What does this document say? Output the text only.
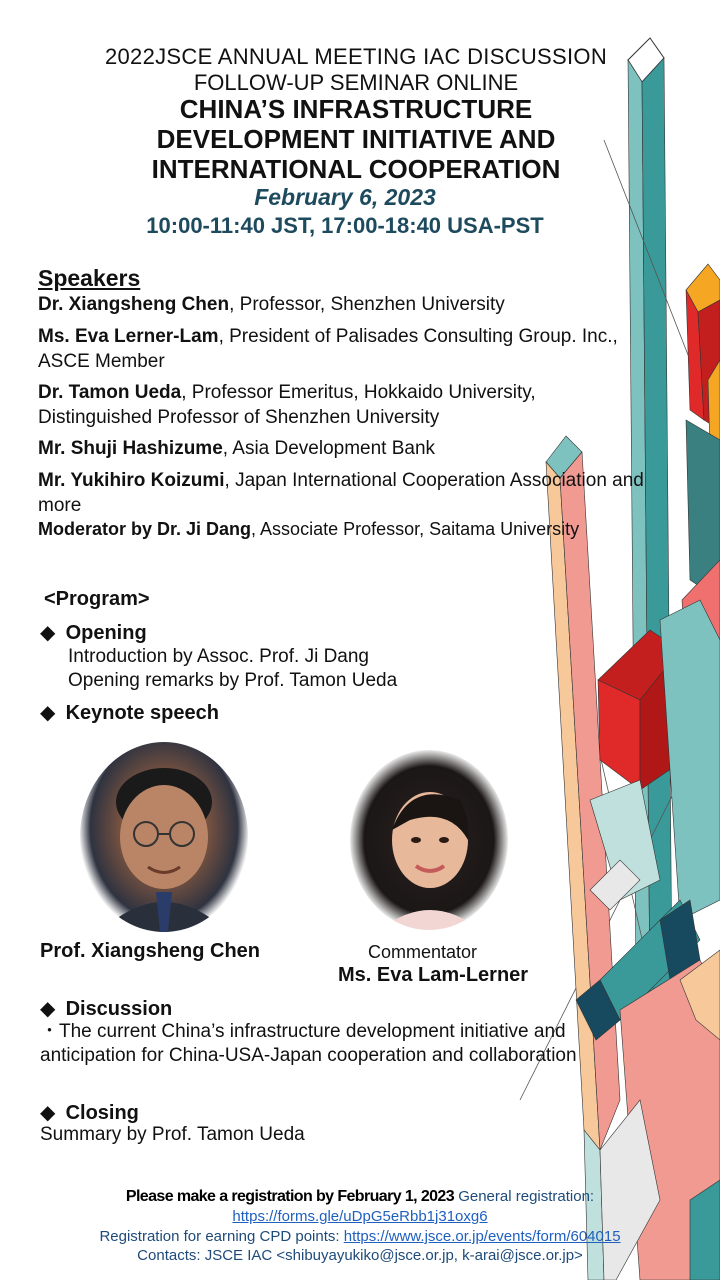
2022JSCE ANNUAL MEETING IAC DISCUSSION
FOLLOW-UP SEMINAR ONLINE
CHINA’S INFRASTRUCTURE
DEVELOPMENT INITIATIVE AND
INTERNATIONAL COOPERATION
February 6, 2023
10:00-11:40 JST, 17:00-18:40 USA-PST
Speakers
Dr. Xiangsheng Chen, Professor, Shenzhen University
Ms. Eva Lerner-Lam, President of Palisades Consulting Group. Inc., ASCE Member
Dr. Tamon Ueda, Professor Emeritus, Hokkaido University, Distinguished Professor of Shenzhen University
Mr. Shuji Hashizume, Asia Development Bank
Mr. Yukihiro Koizumi, Japan International Cooperation Association and more
Moderator by Dr. Ji Dang, Associate Professor, Saitama University
<Program>
◆ Opening
Introduction by Assoc. Prof. Ji Dang
Opening remarks by Prof. Tamon Ueda
◆ Keynote speech
Prof. Xiangsheng Chen	Commentator
Ms. Eva Lam-Lerner
◆ Discussion
・The current China’s infrastructure development initiative and anticipation for China-USA-Japan cooperation and collaboration
◆ Closing
Summary by Prof. Tamon Ueda
Please make a registration by February 1, 2023 General registration:
https://forms.gle/uDpG5eRbb1j31oxg6
Registration for earning CPD points: https://www.jsce.or.jp/events/form/604015
Contacts: JSCE IAC <shibuyayukiko@jsce.or.jp, k-arai@jsce.or.jp>
